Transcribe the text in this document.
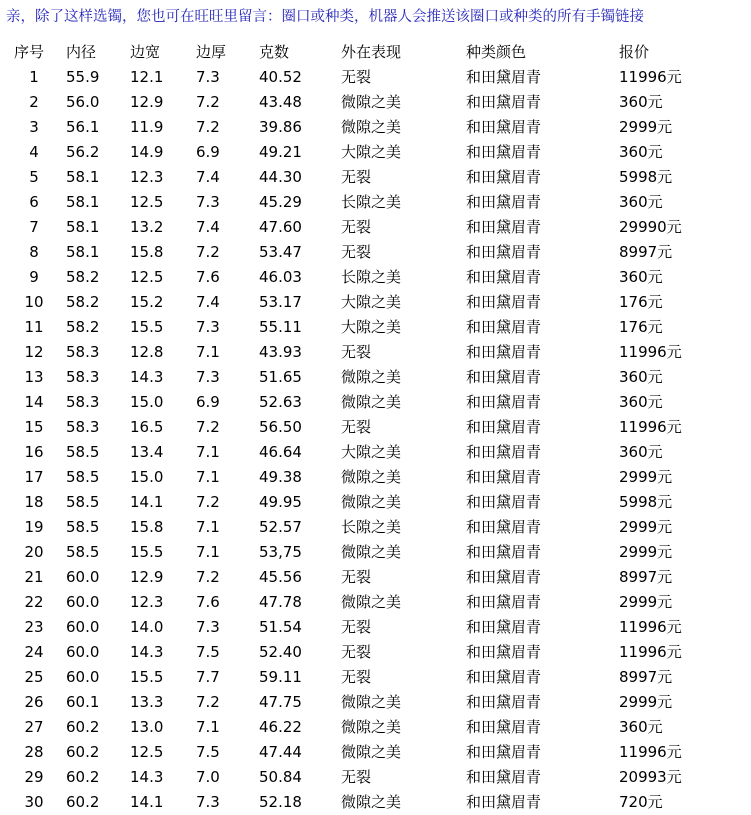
亲，除了这样选镯，您也可在旺旺里留言：圈口或种类，机器人会推送该圈口或种类的所有手镯链接
序号 内径 边宽 边厚 克数	外在表现	种类颜色	报价
1	55.9 12.1 7.3	40.52	无裂	和田黛眉青	11996元
2	56.0 12.9 7.2	43.48	微隙之美	和田黛眉青	360元
3	56.1 11.9 7.2	39.86	微隙之美	和田黛眉青	2999元
4	56.2 14.9 6.9	49.21	大隙之美	和田黛眉青	360元
5	58.1 12.3 7.4	44.30	无裂	和田黛眉青	5998元
6	58.1 12.5 7.3	45.29	长隙之美	和田黛眉青	360元
7	58.1 13.2 7.4	47.60	无裂	和田黛眉青	29990元
8	58.1 15.8 7.2	53.47	无裂	和田黛眉青	8997元
9	58.2 12.5 7.6	46.03	长隙之美	和田黛眉青	360元
10	58.2 15.2 7.4	53.17	大隙之美	和田黛眉青	176元
11	58.2 15.5 7.3	55.11	大隙之美	和田黛眉青	176元
12	58.3 12.8 7.1	43.93	无裂	和田黛眉青	11996元
13	58.3 14.3 7.3	51.65	微隙之美	和田黛眉青	360元
14	58.3 15.0 6.9	52.63	微隙之美	和田黛眉青	360元
15	58.3 16.5 7.2	56.50	无裂	和田黛眉青	11996元
16	58.5 13.4 7.1	46.64	大隙之美	和田黛眉青	360元
17	58.5 15.0 7.1	49.38	微隙之美	和田黛眉青	2999元
18	58.5 14.1 7.2	49.95	微隙之美	和田黛眉青	5998元
19	58.5 15.8 7.1	52.57	长隙之美	和田黛眉青	2999元
20	58.5 15.5 7.1	53,75	微隙之美	和田黛眉青	2999元
21	60.0 12.9 7.2	45.56	无裂	和田黛眉青	8997元
22	60.0 12.3 7.6	47.78	微隙之美	和田黛眉青	2999元
23	60.0 14.0 7.3	51.54	无裂	和田黛眉青	11996元
24	60.0 14.3 7.5	52.40	无裂	和田黛眉青	11996元
25	60.0 15.5 7.7	59.11	无裂	和田黛眉青	8997元
26	60.1 13.3 7.2	47.75	微隙之美	和田黛眉青	2999元
27	60.2 13.0 7.1	46.22	微隙之美	和田黛眉青	360元
28	60.2 12.5 7.5	47.44	微隙之美	和田黛眉青	11996元
29	60.2 14.3 7.0	50.84	无裂	和田黛眉青	20993元
30	60.2 14.1 7.3	52.18	微隙之美	和田黛眉青	720元
